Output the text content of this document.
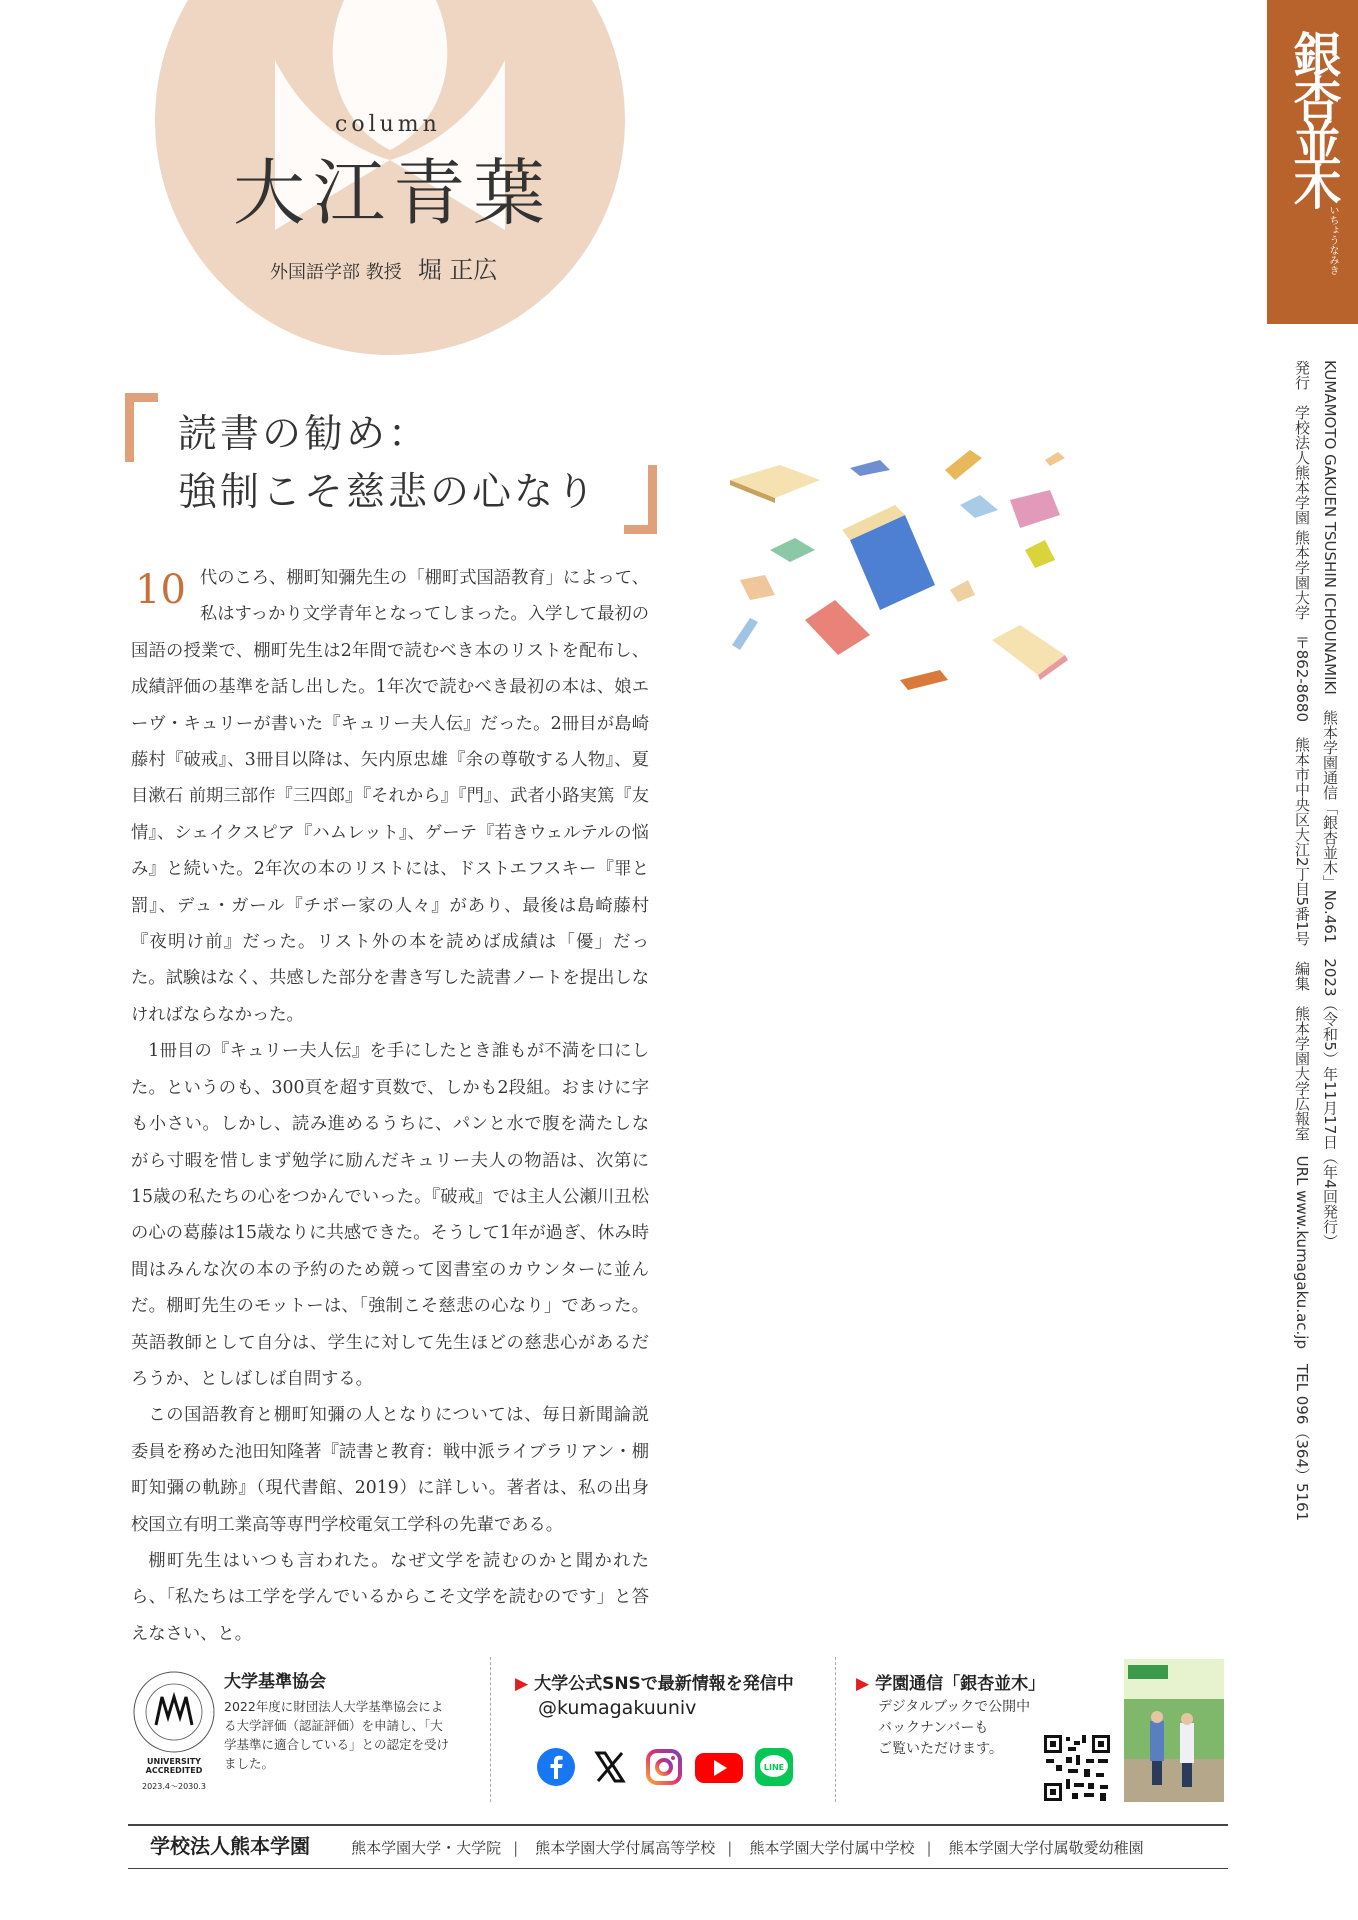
column
大江青葉
外国語学部 教授 堀 正広
銀杏並木
いちょうなみき
KUMAMOTO GAKUEN TSUSHIN ICHOUNAMIKI　熊本学園通信「銀杏並木」No.461　2023（令和5）年11月17日（年4回発行）
発行　学校法人熊本学園 熊本学園大学　〒862-8680　熊本市中央区大江2丁目5番1号　編集　熊本学園大学広報室　URL www.kumagaku.ac.jp　TEL 096（364）5161
読書の勧め：
強制こそ慈悲の心なり

10 代のころ、棚町知彌先生の「棚町式国語教育」によって、私はすっかり文学青年となってしまった。入学して最初の国語の授業で、棚町先生は2年間で読むべき本のリストを配布し、成績評価の基準を話し出した。1年次で読むべき最初の本は、娘エーヴ・キュリーが書いた『キュリー夫人伝』だった。2冊目が島崎藤村『破戒』、3冊目以降は、矢内原忠雄『余の尊敬する人物』、夏目漱石 前期三部作『三四郎』『それから』『門』、武者小路実篤『友情』、シェイクスピア『ハムレット』、ゲーテ『若きウェルテルの悩み』と続いた。2年次の本のリストには、ドストエフスキー『罪と罰』、デュ・ガール『チボー家の人々』があり、最後は島崎藤村『夜明け前』だった。リスト外の本を読めば成績は「優」だった。試験はなく、共感した部分を書き写した読書ノートを提出しなければならなかった。

1冊目の『キュリー夫人伝』を手にしたとき誰もが不満を口にした。というのも、300頁を超す頁数で、しかも2段組。おまけに字も小さい。しかし、読み進めるうちに、パンと水で腹を満たしながら寸暇を惜しまず勉学に励んだキュリー夫人の物語は、次第に15歳の私たちの心をつかんでいった。『破戒』では主人公瀬川丑松の心の葛藤は15歳なりに共感できた。そうして1年が過ぎ、休み時間はみんな次の本の予約のため競って図書室のカウンターに並んだ。棚町先生のモットーは、「強制こそ慈悲の心なり」であった。英語教師として自分は、学生に対して先生ほどの慈悲心があるだろうか、としばしば自問する。

この国語教育と棚町知彌の人となりについては、毎日新聞論説委員を務めた池田知隆著『読書と教育：戦中派ライブラリアン・棚町知彌の軌跡』（現代書館、2019）に詳しい。著者は、私の出身校国立有明工業高等専門学校電気工学科の先輩である。

棚町先生はいつも言われた。なぜ文学を読むのかと聞かれたら、「私たちは工学を学んでいるからこそ文学を読むのです」と答えなさい、と。

UNIVERSITY ACCREDITED
2023.4～2030.3
大学基準協会
2022年度に財団法人大学基準協会による大学評価（認証評価）を申請し、「大学基準に適合している」との認定を受けました。
▶ 大学公式SNSで最新情報を発信中
@kumagakuuniv
LINE
▶ 学園通信「銀杏並木」
デジタルブックで公開中
バックナンバーも
ご覧いただけます。
学校法人熊本学園	熊本学園大学・大学院 | 熊本学園大学付属高等学校 | 熊本学園大学付属中学校 | 熊本学園大学付属敬愛幼稚園
